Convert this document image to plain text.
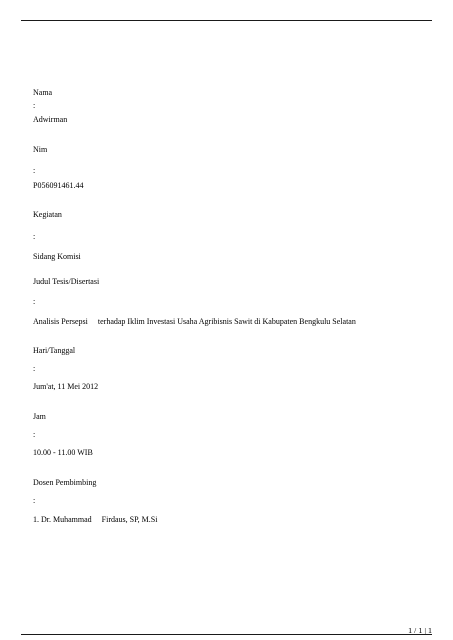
Nama
:
Adwirman
Nim
:
P056091461.44
Kegiatan
:
Sidang Komisi
Judul Tesis/Disertasi
:
Analisis Persepsi     terhadap Iklim Investasi Usaha Agribisnis Sawit di Kabupaten Bengkulu Selatan
Hari/Tanggal
:
Jum'at, 11 Mei 2012
Jam
:
10.00 - 11.00 WIB
Dosen Pembimbing
:
1. Dr. Muhammad     Firdaus, SP, M.Si
1 / 1 | 1
